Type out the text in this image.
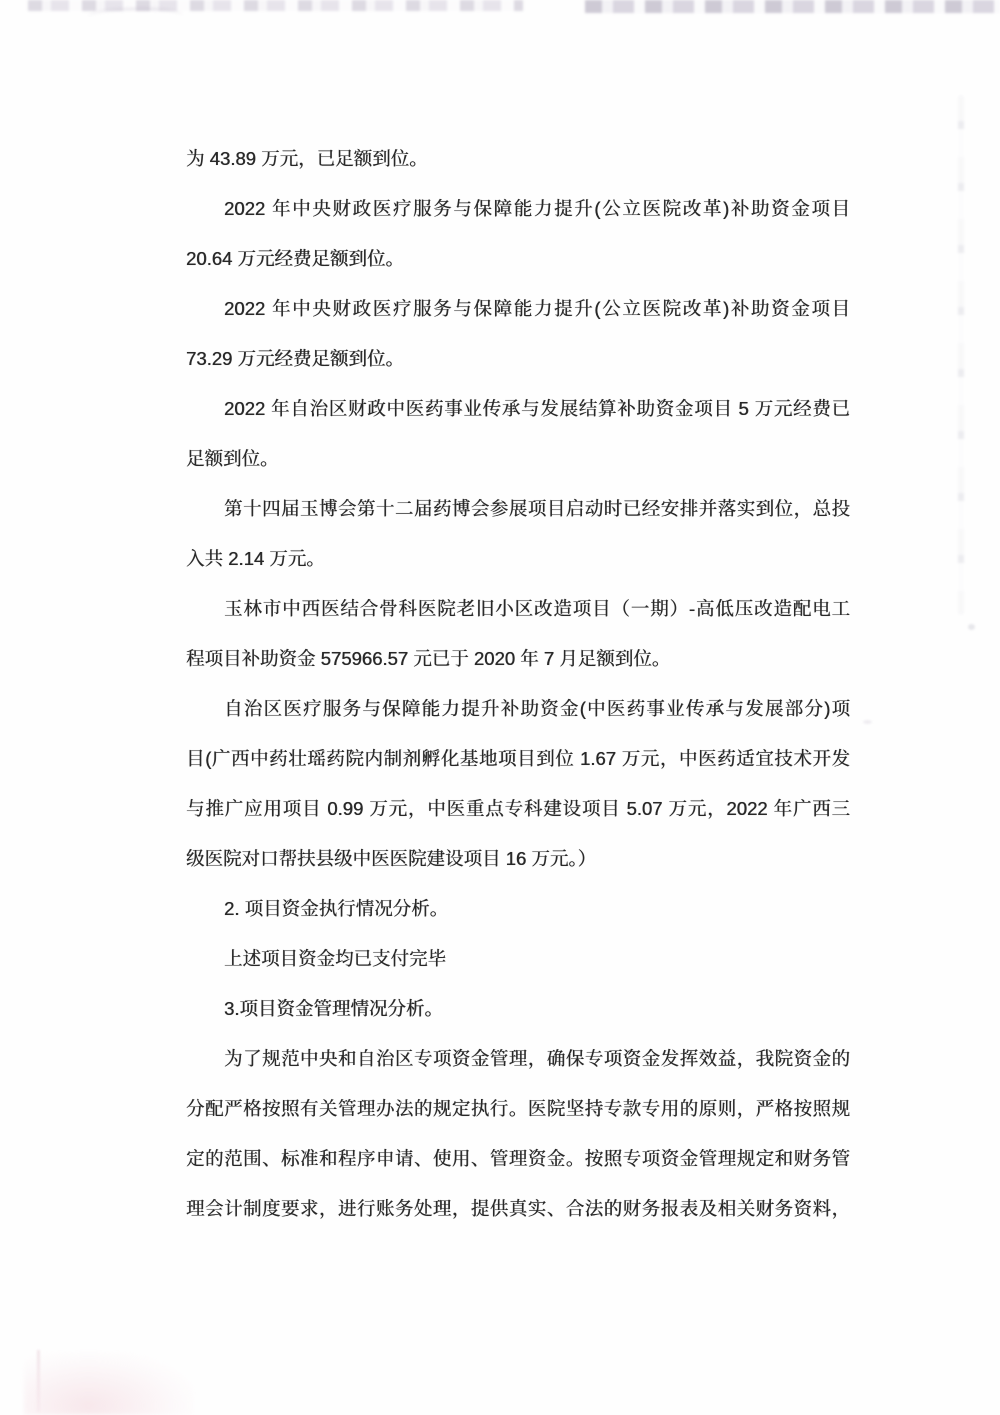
为 43.89 万元，已足额到位。
2022 年中央财政医疗服务与保障能力提升(公立医院改革)补助资金项目
20.64 万元经费足额到位。
2022 年中央财政医疗服务与保障能力提升(公立医院改革)补助资金项目
73.29 万元经费足额到位。
2022 年自治区财政中医药事业传承与发展结算补助资金项目 5 万元经费已
足额到位。
第十四届玉博会第十二届药博会参展项目启动时已经安排并落实到位，总投
入共 2.14 万元。
玉林市中西医结合骨科医院老旧小区改造项目（一期）-高低压改造配电工
程项目补助资金 575966.57 元已于 2020 年 7 月足额到位。
自治区医疗服务与保障能力提升补助资金(中医药事业传承与发展部分)项
目(广西中药壮瑶药院内制剂孵化基地项目到位 1.67 万元，中医药适宜技术开发
与推广应用项目 0.99 万元，中医重点专科建设项目 5.07 万元，2022 年广西三
级医院对口帮扶县级中医医院建设项目 16 万元。）
2. 项目资金执行情况分析。
上述项目资金均已支付完毕
3.项目资金管理情况分析。
为了规范中央和自治区专项资金管理，确保专项资金发挥效益，我院资金的
分配严格按照有关管理办法的规定执行。医院坚持专款专用的原则，严格按照规
定的范围、标准和程序申请、使用、管理资金。按照专项资金管理规定和财务管
理会计制度要求，进行账务处理，提供真实、合法的财务报表及相关财务资料，
